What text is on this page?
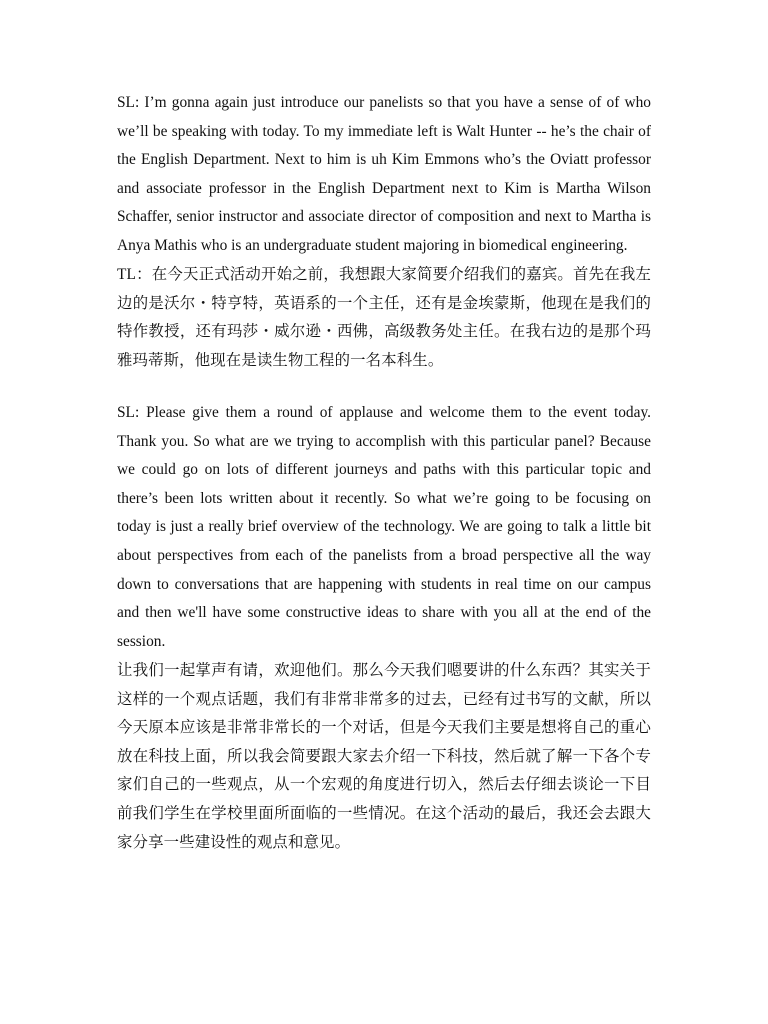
SL: I’m gonna again just introduce our panelists so that you have a sense of of who we’ll be speaking with today. To my immediate left is Walt Hunter -- he’s the chair of the English Department. Next to him is uh Kim Emmons who’s the Oviatt professor and associate professor in the English Department next to Kim is Martha Wilson Schaffer, senior instructor and associate director of composition and next to Martha is Anya Mathis who is an undergraduate student majoring in biomedical engineering.

TL：在今天正式活动开始之前，我想跟大家简要介绍我们的嘉宾。首先在我左边的是沃尔・特亨特，英语系的一个主任，还有是金埃蒙斯，他现在是我们的特作教授，还有玛莎・威尔逊・西佛，高级教务处主任。在我右边的是那个玛雅玛蒂斯，他现在是读生物工程的一名本科生。

SL: Please give them a round of applause and welcome them to the event today. Thank you. So what are we trying to accomplish with this particular panel? Because we could go on lots of different journeys and paths with this particular topic and there’s been lots written about it recently. So what we’re going to be focusing on today is just a really brief overview of the technology. We are going to talk a little bit about perspectives from each of the panelists from a broad perspective all the way down to conversations that are happening with students in real time on our campus and then we'll have some constructive ideas to share with you all at the end of the session.

让我们一起掌声有请，欢迎他们。那么今天我们嗯要讲的什么东西？其实关于这样的一个观点话题，我们有非常非常多的过去，已经有过书写的文献，所以今天原本应该是非常非常长的一个对话，但是今天我们主要是想将自己的重心放在科技上面，所以我会简要跟大家去介绍一下科技，然后就了解一下各个专家们自己的一些观点，从一个宏观的角度进行切入，然后去仔细去谈论一下目前我们学生在学校里面所面临的一些情况。在这个活动的最后，我还会去跟大家分享一些建设性的观点和意见。
